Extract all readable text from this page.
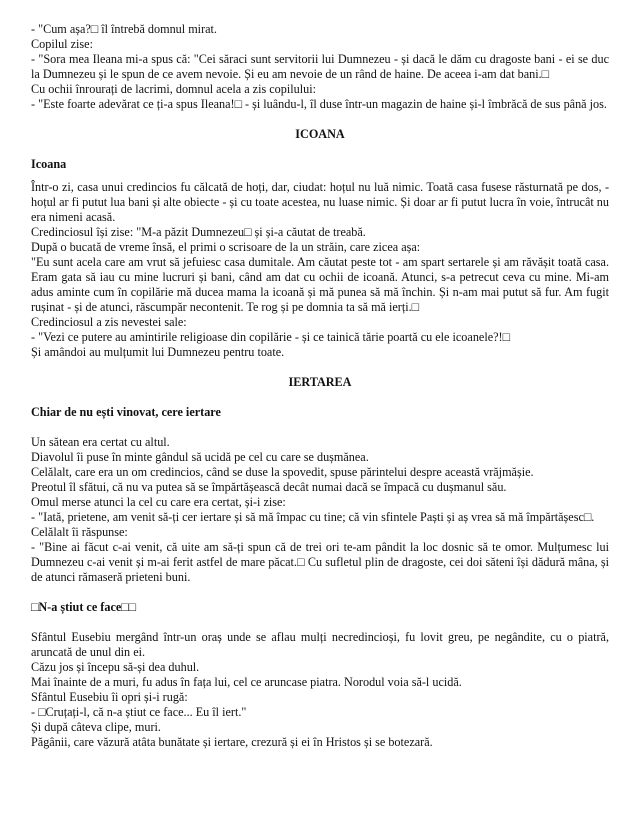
- "Cum așa?□ îl întrebă domnul mirat.

Copilul zise:

- "Sora mea Ileana mi-a spus că: "Cei săraci sunt servitorii lui Dumnezeu - și dacă le dăm cu dragoste bani - ei se duc la Dumnezeu și le spun de ce avem nevoie. Și eu am nevoie de un rând de haine. De aceea i-am dat bani.□

Cu ochii înrourați de lacrimi, domnul acela a zis copilului:

- "Este foarte adevărat ce ți-a spus Ileana!□ - și luându-l, îl duse într-un magazin de haine și-l îmbrăcă de sus până jos.

ICOANA

Icoana

Într-o zi, casa unui credincios fu călcată de hoți, dar, ciudat: hoțul nu luă nimic. Toată casa fusese răsturnată pe dos, - hoțul ar fi putut lua bani și alte obiecte - și cu toate acestea, nu luase nimic. Și doar ar fi putut lucra în voie, întrucât nu era nimeni acasă.

Credinciosul își zise: "M-a păzit Dumnezeu□ și și-a căutat de treabă.

După o bucată de vreme însă, el primi o scrisoare de la un străin, care zicea așa:

"Eu sunt acela care am vrut să jefuiesc casa dumitale. Am căutat peste tot - am spart sertarele și am răvășit toată casa. Eram gata să iau cu mine lucruri și bani, când am dat cu ochii de icoană. Atunci, s-a petrecut ceva cu mine. Mi-am adus aminte cum în copilărie mă ducea mama la icoană și mă punea să mă închin. Și n-am mai putut să fur. Am fugit rușinat - și de atunci, răscumpăr necontenit. Te rog și pe domnia ta să mă ierți.□

Credinciosul a zis nevestei sale:

- "Vezi ce putere au amintirile religioase din copilărie - și ce tainică tărie poartă cu ele icoanele?!□

Și amândoi au mulțumit lui Dumnezeu pentru toate.

IERTAREA

Chiar de nu ești vinovat, cere iertare

Un sătean era certat cu altul.

Diavolul îi puse în minte gândul să ucidă pe cel cu care se dușmănea.

Celălalt, care era un om credincios, când se duse la spovedit, spuse părintelui despre această vrăjmășie.

Preotul îl sfătui, că nu va putea să se împărtășească decât numai dacă se împacă cu dușmanul său.

Omul merse atunci la cel cu care era certat, și-i zise:

- "Iată, prietene, am venit să-ți cer iertare și să mă împac cu tine; că vin sfintele Paști și aș vrea să mă împărtășesc□.

Celălalt îi răspunse:

- "Bine ai făcut c-ai venit, că uite am să-ți spun că de trei ori te-am pândit la loc dosnic să te omor. Mulțumesc lui Dumnezeu c-ai venit și m-ai ferit astfel de mare păcat.□ Cu sufletul plin de dragoste, cei doi săteni își dădură mâna, și de atunci rămaseră prieteni buni.

□N-a știut ce face□□

Sfântul Eusebiu mergând într-un oraș unde se aflau mulți necredincioși, fu lovit greu, pe negândite, cu o piatră, aruncată de unul din ei.

Căzu jos și începu să-și dea duhul.

Mai înainte de a muri, fu adus în fața lui, cel ce aruncase piatra. Norodul voia să-l ucidă.

Sfântul Eusebiu îi opri și-i rugă:

- □Cruțați-l, că n-a știut ce face... Eu îl iert."

Și după câteva clipe, muri.

Păgânii, care văzură atâta bunătate și iertare, crezură și ei în Hristos și se botezară.
